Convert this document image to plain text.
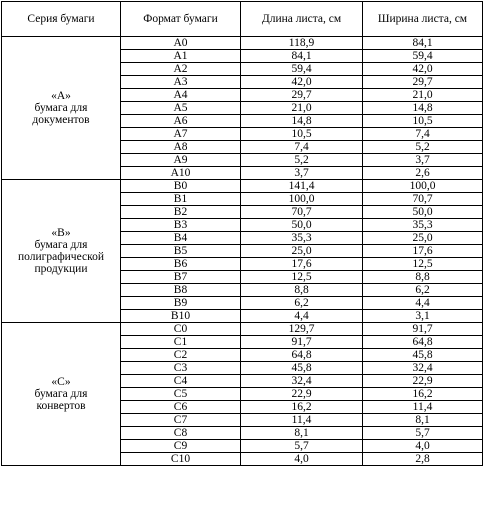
Серия бумаги	Формат бумаги	Длина листа, см	Ширина листа, см

«A»
бумага для
документов	A0	118,9	84,1
	A1	84,1	59,4
	A2	59,4	42,0
	A3	42,0	29,7
	A4	29,7	21,0
	A5	21,0	14,8
	A6	14,8	10,5
	A7	10,5	7,4
	A8	7,4	5,2
	A9	5,2	3,7
	A10	3,7	2,6

«B»
бумага для
полиграфической
продукции	B0	141,4	100,0
	B1	100,0	70,7
	B2	70,7	50,0
	B3	50,0	35,3
	B4	35,3	25,0
	B5	25,0	17,6
	B6	17,6	12,5
	B7	12,5	8,8
	B8	8,8	6,2
	B9	6,2	4,4
	B10	4,4	3,1

«C»
бумага для
конвертов	C0	129,7	91,7
	C1	91,7	64,8
	C2	64,8	45,8
	C3	45,8	32,4
	C4	32,4	22,9
	C5	22,9	16,2
	C6	16,2	11,4
	C7	11,4	8,1
	C8	8,1	5,7
	C9	5,7	4,0
	C10	4,0	2,8
